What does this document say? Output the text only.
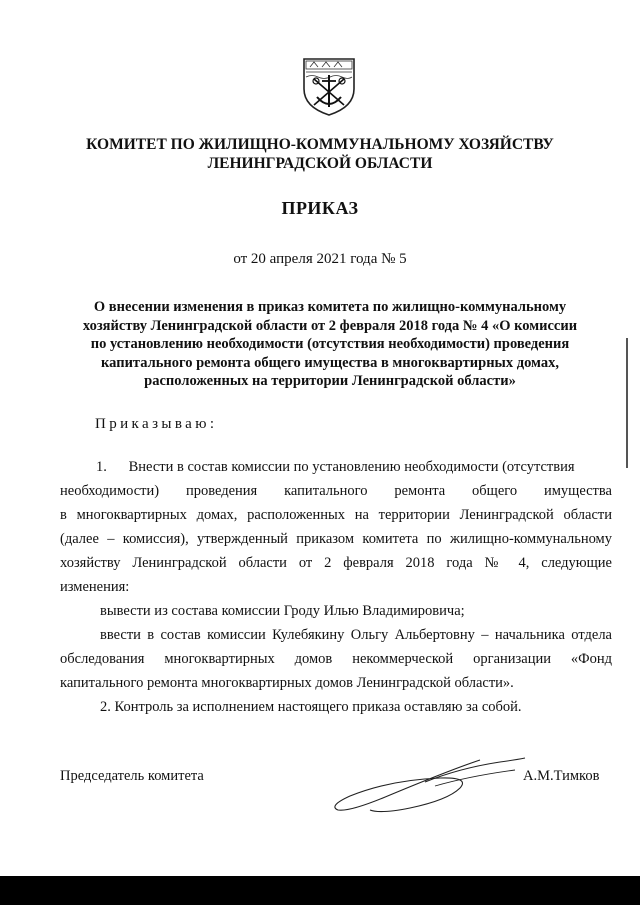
КОМИТЕТ ПО ЖИЛИЩНО-КОММУНАЛЬНОМУ ХОЗЯЙСТВУ
ЛЕНИНГРАДСКОЙ ОБЛАСТИ
ПРИКАЗ
от 20 апреля 2021 года № 5
О внесении изменения в приказ комитета по жилищно-коммунальному
хозяйству Ленинградской области от 2 февраля 2018 года № 4 «О комиссии
по установлению необходимости (отсутствия необходимости) проведения
капитального ремонта общего имущества в многоквартирных домах,
расположенных на территории Ленинградской области»
Приказываю:
1.      Внести в состав комиссии по установлению необходимости (отсутствия
необходимости) проведения капитального ремонта общего имущества
в многоквартирных домах, расположенных на территории Ленинградской области
(далее – комиссия), утвержденный приказом комитета по жилищно-коммунальному
хозяйству Ленинградской области от 2 февраля 2018 года № 4, следующие
изменения:
вывести из состава комиссии Гроду Илью Владимировича;
ввести в состав комиссии Кулебякину Ольгу Альбертовну – начальника отдела
обследования многоквартирных домов некоммерческой организации «Фонд
капитального ремонта многоквартирных домов Ленинградской области».
2. Контроль за исполнением настоящего приказа оставляю за собой.
Председатель комитета	А.М.Тимков
